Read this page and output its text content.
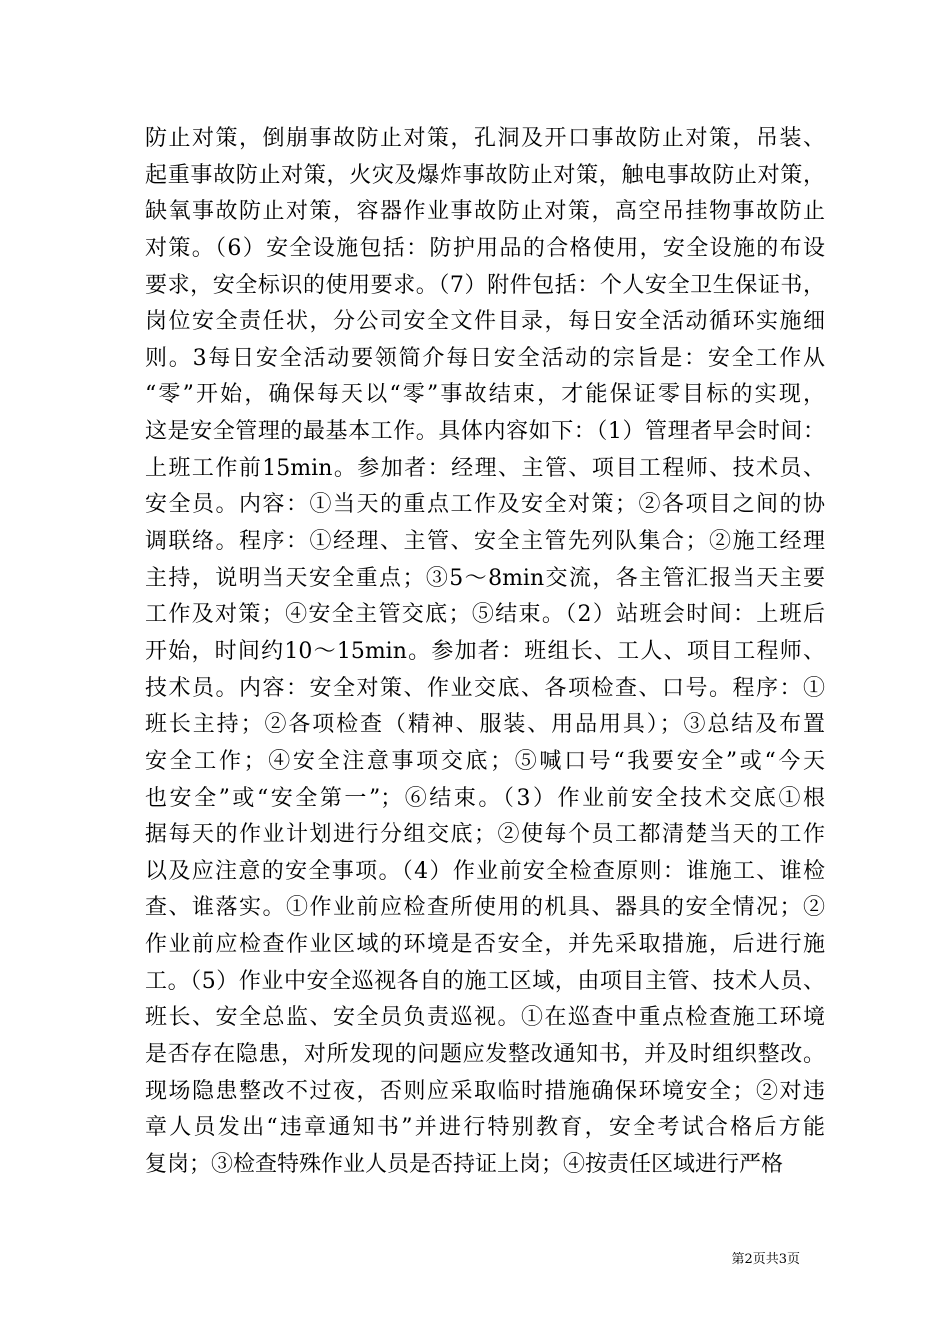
防止对策，倒崩事故防止对策，孔洞及开口事故防止对策，吊装、
起重事故防止对策，火灾及爆炸事故防止对策，触电事故防止对策，
缺氧事故防止对策，容器作业事故防止对策，高空吊挂物事故防止
对策。（6）安全设施包括：防护用品的合格使用，安全设施的布设
要求，安全标识的使用要求。（7）附件包括：个人安全卫生保证书，
岗位安全责任状，分公司安全文件目录，每日安全活动循环实施细
则。3每日安全活动要领简介每日安全活动的宗旨是：安全工作从
“零”开始，确保每天以“零”事故结束，才能保证零目标的实现，
这是安全管理的最基本工作。具体内容如下：（1）管理者早会时间：
上班工作前15min。参加者：经理、主管、项目工程师、技术员、
安全员。内容：①当天的重点工作及安全对策；②各项目之间的协
调联络。程序：①经理、主管、安全主管先列队集合；②施工经理
主持，说明当天安全重点；③5～8min交流，各主管汇报当天主要
工作及对策；④安全主管交底；⑤结束。（2）站班会时间：上班后
开始，时间约10～15min。参加者：班组长、工人、项目工程师、
技术员。内容：安全对策、作业交底、各项检查、口号。程序：①
班长主持；②各项检查（精神、服装、用品用具）；③总结及布置
安全工作；④安全注意事项交底；⑤喊口号“我要安全”或“今天
也安全”或“安全第一”；⑥结束。（3）作业前安全技术交底①根
据每天的作业计划进行分组交底；②使每个员工都清楚当天的工作
以及应注意的安全事项。（4）作业前安全检查原则：谁施工、谁检
查、谁落实。①作业前应检查所使用的机具、器具的安全情况；②
作业前应检查作业区域的环境是否安全，并先采取措施，后进行施
工。（5）作业中安全巡视各自的施工区域，由项目主管、技术人员、
班长、安全总监、安全员负责巡视。①在巡查中重点检查施工环境
是否存在隐患，对所发现的问题应发整改通知书，并及时组织整改。
现场隐患整改不过夜，否则应采取临时措施确保环境安全；②对违
章人员发出“违章通知书”并进行特别教育，安全考试合格后方能
复岗；③检查特殊作业人员是否持证上岗；④按责任区域进行严格
第2页共3页
